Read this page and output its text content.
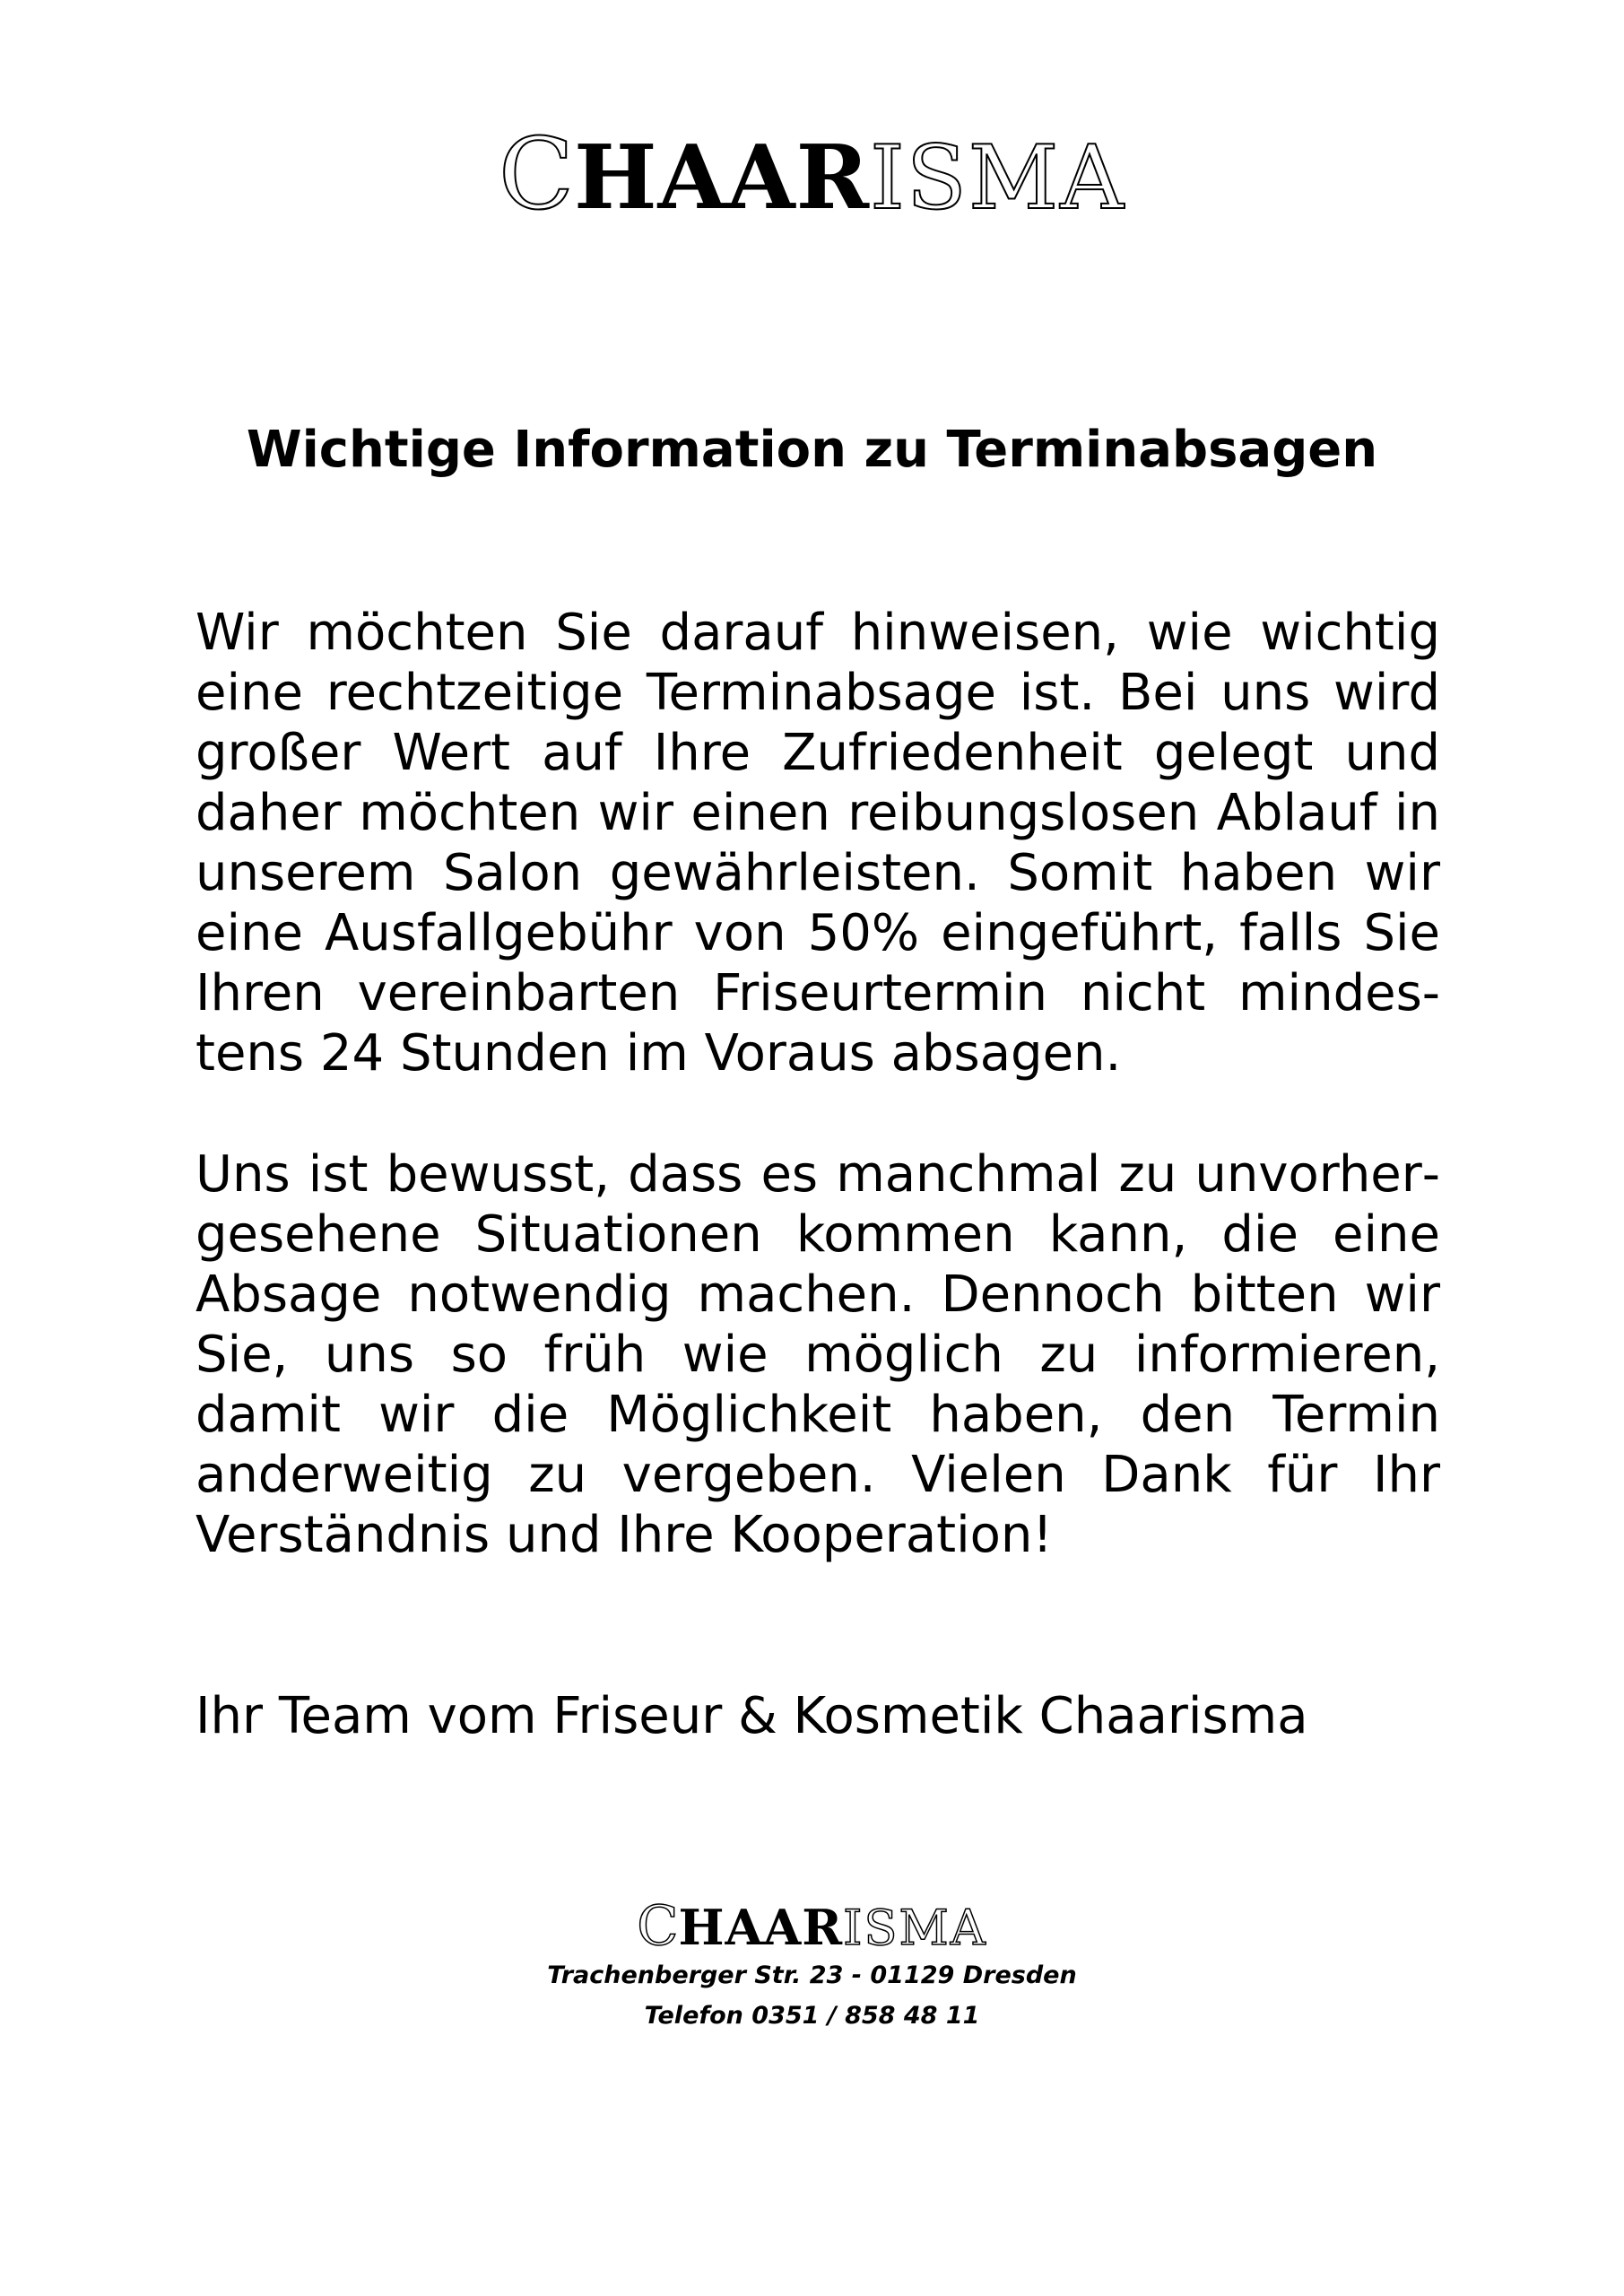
C HAAR ISMA
Wichtige Information zu Terminabsagen

Wir möchten Sie darauf hinweisen, wie wichtig eine rechtzeitige Terminabsage ist. Bei uns wird großer Wert auf Ihre Zufriedenheit gelegt und daher möchten wir einen reibungslosen Ablauf in unserem Salon gewährleisten. Somit haben wir eine Ausfallgebühr von 50% eingeführt, falls Sie Ihren vereinbarten Friseurtermin nicht mindestens 24 Stunden im Voraus absagen.

Uns ist bewusst, dass es manchmal zu unvorhergesehene Situationen kommen kann, die eine Absage notwendig machen. Dennoch bitten wir Sie, uns so früh wie möglich zu informieren, damit wir die Möglichkeit haben, den Termin anderweitig zu vergeben. Vielen Dank für Ihr Verständnis und Ihre Kooperation!

Ihr Team vom Friseur & Kosmetik Chaarisma

C HAAR ISMA

Trachenberger Str. 23 - 01129 Dresden

Telefon 0351 / 858 48 11
